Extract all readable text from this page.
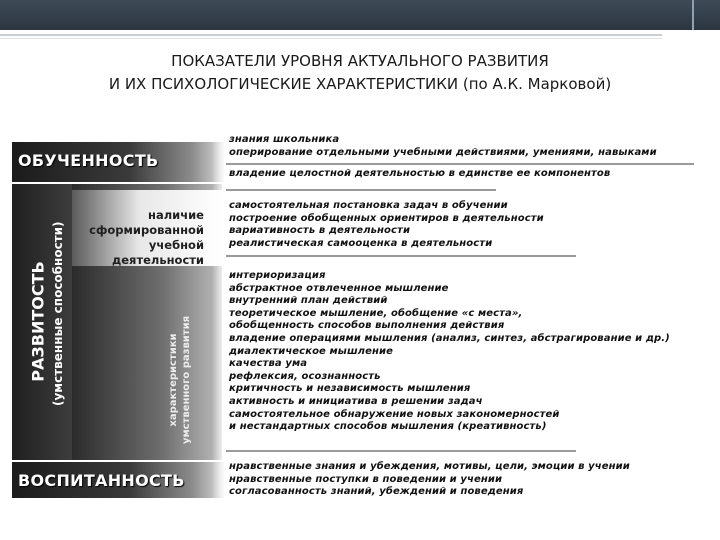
ПОКАЗАТЕЛИ УРОВНЯ АКТУАЛЬНОГО РАЗВИТИЯ
И ИХ ПСИХОЛОГИЧЕСКИЕ ХАРАКТЕРИСТИКИ (по А.К. Марковой)
ОБУЧЕННОСТЬ
ВОСПИТАННОСТЬ
РАЗВИТОСТЬ (умственные способности)	характеристики умственного развития
наличие
сформированной
учебной
деятельности
знания школьника
оперирование отдельными учебными действиями, умениями, навыками
владение целостной деятельностью в единстве ее компонентов
самостоятельная постановка задач в обучении
построение обобщенных ориентиров в деятельности
вариативность в деятельности
реалистическая самооценка в деятельности
интериоризация
абстрактное отвлеченное мышление
внутренний план действий
теоретическое мышление, обобщение «с места»,
обобщенность способов выполнения действия
владение операциями мышления (анализ, синтез, абстрагирование и др.)
диалектическое мышление
качества ума
рефлексия, осознанность
критичность и независимость мышления
активность и инициатива в решении задач
самостоятельное обнаружение новых закономерностей
и нестандартных способов мышления (креативность)
нравственные знания и убеждения, мотивы, цели, эмоции в учении
нравственные поступки в поведении и учении
согласованность знаний, убеждений и поведения
